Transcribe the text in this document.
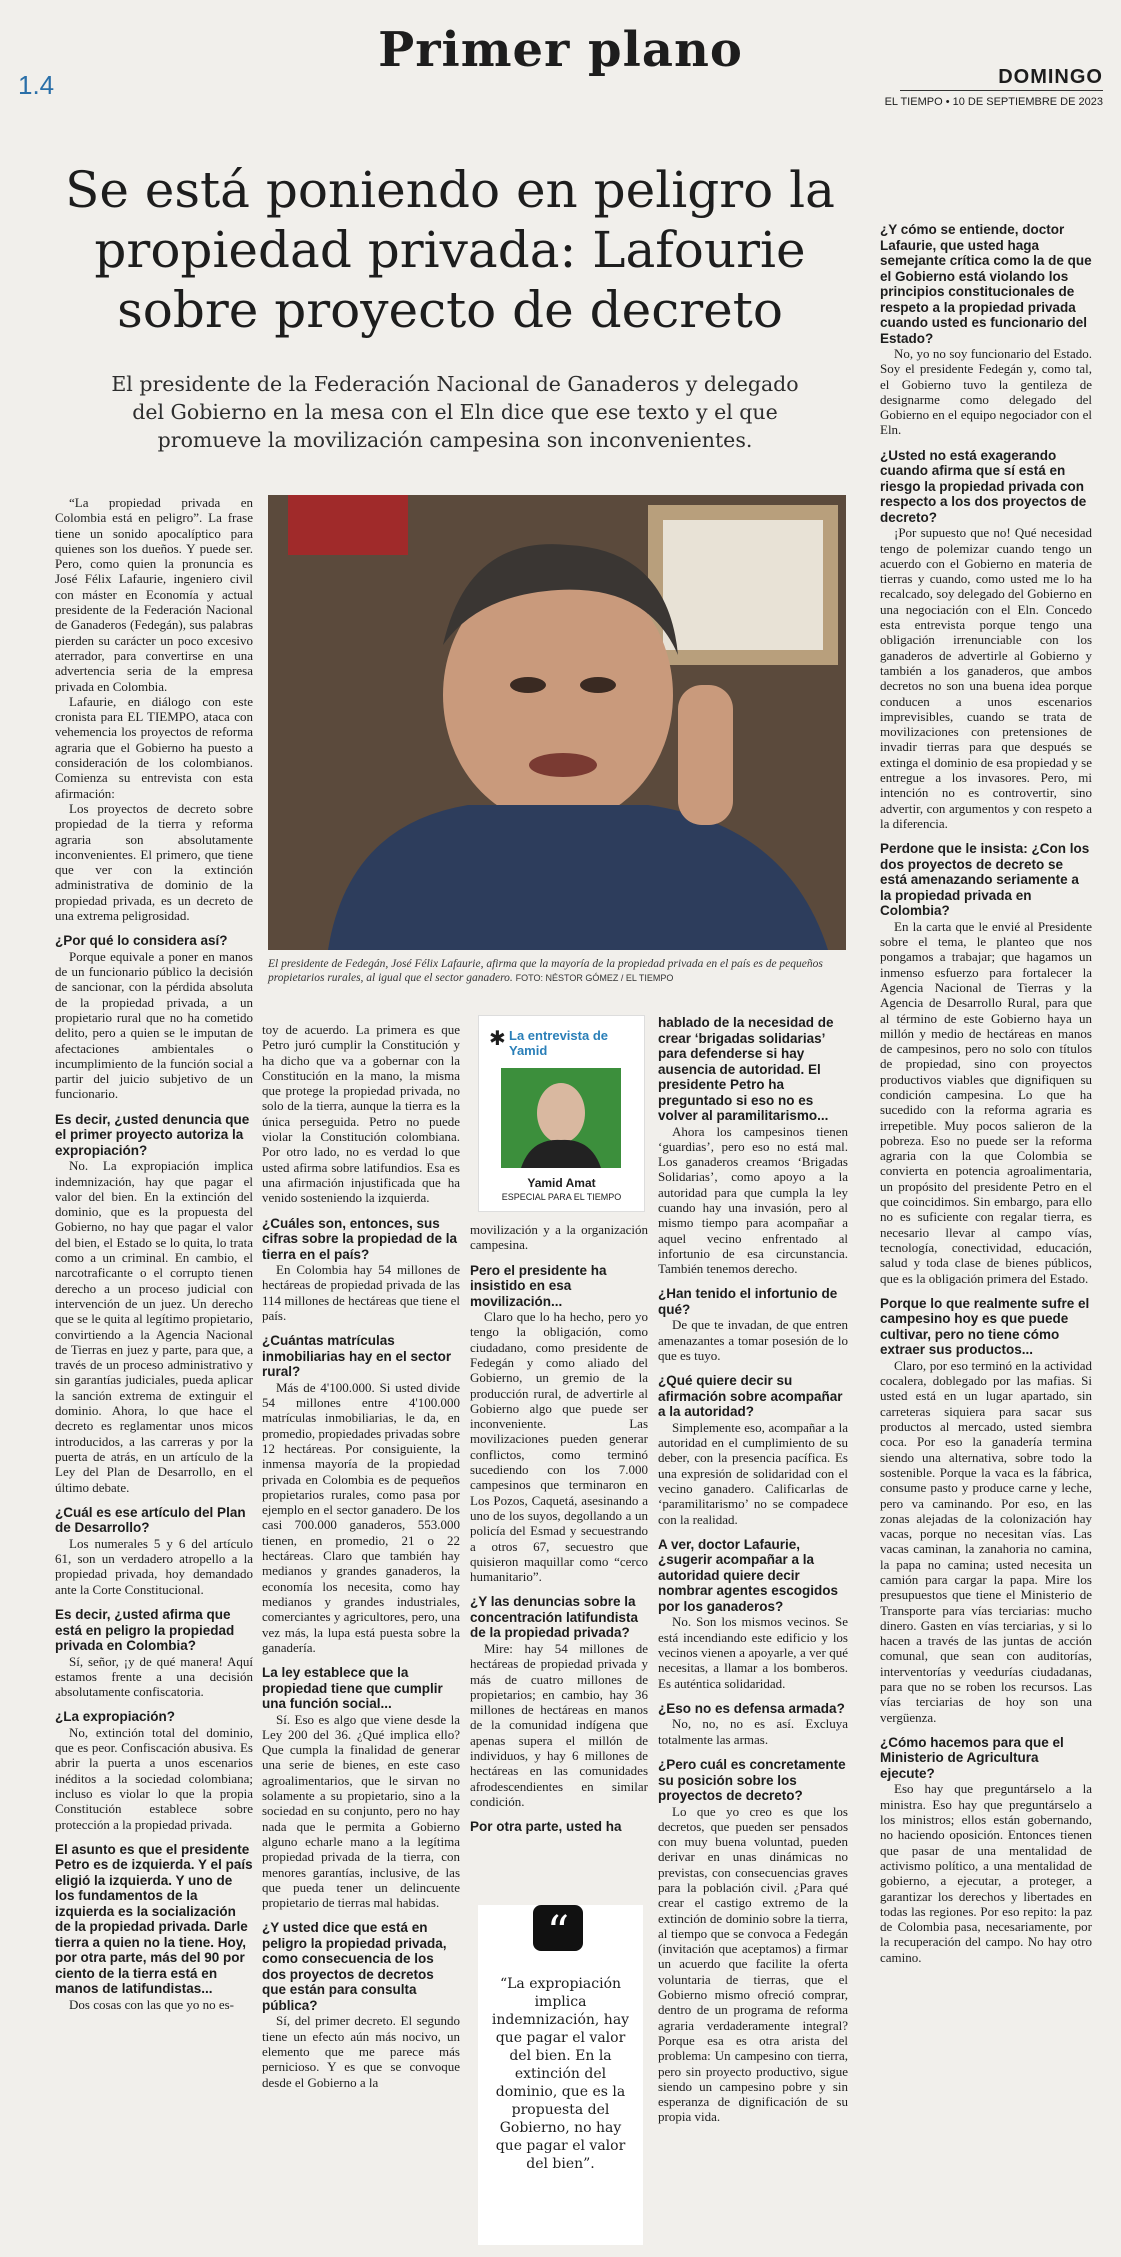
1.4
Primer plano	DOMINGO
EL TIEMPO • 10 DE SEPTIEMBRE DE 2023
Se está poniendo en peligro la propiedad privada: Lafourie sobre proyecto de decreto
El presidente de la Federación Nacional de Ganaderos y delegado del Gobierno en la mesa con el Eln dice que ese texto y el que promueve la movilización campesina son inconvenientes.

“La propiedad privada en Colombia está en peligro”. La frase tiene un sonido apocalíptico para quienes son los dueños. Y puede ser. Pero, como quien la pronuncia es José Félix Lafaurie, ingeniero civil con máster en Economía y actual presidente de la Federación Nacional de Ganaderos (Fedegán), sus palabras pierden su carácter un poco excesivo aterrador, para convertirse en una advertencia seria de la empresa privada en Colombia.

Lafaurie, en diálogo con este cronista para EL TIEMPO, ataca con vehemencia los proyectos de reforma agraria que el Gobierno ha puesto a consideración de los colombianos. Comienza su entrevista con esta afirmación:

Los proyectos de decreto sobre propiedad de la tierra y reforma agraria son absolutamente inconvenientes. El primero, que tiene que ver con la extinción administrativa de dominio de la propiedad privada, es un decreto de una extrema peligrosidad.

¿Por qué lo considera así?

Porque equivale a poner en manos de un funcionario público la decisión de sancionar, con la pérdida absoluta de la propiedad privada, a un propietario rural que no ha cometido delito, pero a quien se le imputan de afectaciones ambientales o incumplimiento de la función social a partir del juicio subjetivo de un funcionario.

Es decir, ¿usted denuncia que el primer proyecto autoriza la expropiación?

No. La expropiación implica indemnización, hay que pagar el valor del bien. En la extinción del dominio, que es la propuesta del Gobierno, no hay que pagar el valor del bien, el Estado se lo quita, lo trata como a un criminal. En cambio, el narcotraficante o el corrupto tienen derecho a un proceso judicial con intervención de un juez. Un derecho que se le quita al legítimo propietario, convirtiendo a la Agencia Nacional de Tierras en juez y parte, para que, a través de un proceso administrativo y sin garantías judiciales, pueda aplicar la sanción extrema de extinguir el dominio. Ahora, lo que hace el decreto es reglamentar unos micos introducidos, a las carreras y por la puerta de atrás, en un artículo de la Ley del Plan de Desarrollo, en el último debate.

¿Cuál es ese artículo del Plan de Desarrollo?

Los numerales 5 y 6 del artículo 61, son un verdadero atropello a la propiedad privada, hoy demandado ante la Corte Constitucional.

Es decir, ¿usted afirma que está en peligro la propiedad privada en Colombia?

Sí, señor, ¡y de qué manera! Aquí estamos frente a una decisión absolutamente confiscatoria.

¿La expropiación?

No, extinción total del dominio, que es peor. Confiscación abusiva. Es abrir la puerta a unos escenarios inéditos a la sociedad colombiana; incluso es violar lo que la propia Constitución establece sobre protección a la propiedad privada.

El asunto es que el presidente Petro es de izquierda. Y el país eligió la izquierda. Y uno de los fundamentos de la izquierda es la socialización de la propiedad privada. Darle tierra a quien no la tiene. Hoy, por otra parte, más del 90 por ciento de la tierra está en manos de latifundistas...

Dos cosas con las que yo no es-

El presidente de Fedegán, José Félix Lafaurie, afirma que la mayoría de la propiedad privada en el país es de pequeños propietarios rurales, al igual que el sector ganadero. FOTO: NÉSTOR GÓMEZ / EL TIEMPO

toy de acuerdo. La primera es que Petro juró cumplir la Constitución y ha dicho que va a gobernar con la Constitución en la mano, la misma que protege la propiedad privada, no solo de la tierra, aunque la tierra es la única perseguida. Petro no puede violar la Constitución colombiana. Por otro lado, no es verdad lo que usted afirma sobre latifundios. Esa es una afirmación injustificada que ha venido sosteniendo la izquierda.

¿Cuáles son, entonces, sus cifras sobre la propiedad de la tierra en el país?

En Colombia hay 54 millones de hectáreas de propiedad privada de las 114 millones de hectáreas que tiene el país.

¿Cuántas matrículas inmobiliarias hay en el sector rural?

Más de 4'100.000. Si usted divide 54 millones entre 4'100.000 matrículas inmobiliarias, le da, en promedio, propiedades privadas sobre 12 hectáreas. Por consiguiente, la inmensa mayoría de la propiedad privada en Colombia es de pequeños propietarios rurales, como pasa por ejemplo en el sector ganadero. De los casi 700.000 ganaderos, 553.000 tienen, en promedio, 21 o 22 hectáreas. Claro que también hay medianos y grandes ganaderos, la economía los necesita, como hay medianos y grandes industriales, comerciantes y agricultores, pero, una vez más, la lupa está puesta sobre la ganadería.

La ley establece que la propiedad tiene que cumplir una función social...

Sí. Eso es algo que viene desde la Ley 200 del 36. ¿Qué implica ello? Que cumpla la finalidad de generar una serie de bienes, en este caso agroalimentarios, que le sirvan no solamente a su propietario, sino a la sociedad en su conjunto, pero no hay nada que le permita a Gobierno alguno echarle mano a la legítima propiedad privada de la tierra, con menores garantías, inclusive, de las que pueda tener un delincuente propietario de tierras mal habidas.

¿Y usted dice que está en peligro la propiedad privada, como consecuencia de los dos proyectos de decretos que están para consulta pública?

Sí, del primer decreto. El segundo tiene un efecto aún más nocivo, un elemento que me parece más pernicioso. Y es que se convoque desde el Gobierno a la

✱ La entrevista de Yamid
Yamid Amat
ESPECIAL PARA EL TIEMPO

movilización y a la organización campesina.

Pero el presidente ha insistido en esa movilización...

Claro que lo ha hecho, pero yo tengo la obligación, como ciudadano, como presidente de Fedegán y como aliado del Gobierno, un gremio de la producción rural, de advertirle al Gobierno algo que puede ser inconveniente. Las movilizaciones pueden generar conflictos, como terminó sucediendo con los 7.000 campesinos que terminaron en Los Pozos, Caquetá, asesinando a uno de los suyos, degollando a un policía del Esmad y secuestrando a otros 67, secuestro que quisieron maquillar como “cerco humanitario”.

¿Y las denuncias sobre la concentración latifundista de la propiedad privada?

Mire: hay 54 millones de hectáreas de propiedad privada y más de cuatro millones de propietarios; en cambio, hay 36 millones de hectáreas en manos de la comunidad indígena que apenas supera el millón de individuos, y hay 6 millones de hectáreas en las comunidades afrodescendientes en similar condición.

Por otra parte, usted ha

“
“La expropiación implica indemnización, hay que pagar el valor del bien. En la extinción del dominio, que es la propuesta del Gobierno, no hay que pagar el valor del bien”.

hablado de la necesidad de crear ‘brigadas solidarias’ para defenderse si hay ausencia de autoridad. El presidente Petro ha preguntado si eso no es volver al paramilitarismo...

Ahora los campesinos tienen ‘guardias’, pero eso no está mal. Los ganaderos creamos ‘Brigadas Solidarias’, como apoyo a la autoridad para que cumpla la ley cuando hay una invasión, pero al mismo tiempo para acompañar a aquel vecino enfrentado al infortunio de esa circunstancia. También tenemos derecho.

¿Han tenido el infortunio de qué?

De que te invadan, de que entren amenazantes a tomar posesión de lo que es tuyo.

¿Qué quiere decir su afirmación sobre acompañar a la autoridad?

Simplemente eso, acompañar a la autoridad en el cumplimiento de su deber, con la presencia pacífica. Es una expresión de solidaridad con el vecino ganadero. Calificarlas de ‘paramilitarismo’ no se compadece con la realidad.

A ver, doctor Lafaurie, ¿sugerir acompañar a la autoridad quiere decir nombrar agentes escogidos por los ganaderos?

No. Son los mismos vecinos. Se está incendiando este edificio y los vecinos vienen a apoyarle, a ver qué necesitas, a llamar a los bomberos. Es auténtica solidaridad.

¿Eso no es defensa armada?

No, no, no es así. Excluya totalmente las armas.

¿Pero cuál es concretamente su posición sobre los proyectos de decreto?

Lo que yo creo es que los decretos, que pueden ser pensados con muy buena voluntad, pueden derivar en unas dinámicas no previstas, con consecuencias graves para la población civil. ¿Para qué crear el castigo extremo de la extinción de dominio sobre la tierra, al tiempo que se convoca a Fedegán (invitación que aceptamos) a firmar un acuerdo que facilite la oferta voluntaria de tierras, que el Gobierno mismo ofreció comprar, dentro de un programa de reforma agraria verdaderamente integral? Porque esa es otra arista del problema: Un campesino con tierra, pero sin proyecto productivo, sigue siendo un campesino pobre y sin esperanza de dignificación de su propia vida.

¿Y cómo se entiende, doctor Lafaurie, que usted haga semejante crítica como la de que el Gobierno está violando los principios constitucionales de respeto a la propiedad privada cuando usted es funcionario del Estado?

No, yo no soy funcionario del Estado. Soy el presidente Fedegán y, como tal, el Gobierno tuvo la gentileza de designarme como delegado del Gobierno en el equipo negociador con el Eln.

¿Usted no está exagerando cuando afirma que sí está en riesgo la propiedad privada con respecto a los dos proyectos de decreto?

¡Por supuesto que no! Qué necesidad tengo de polemizar cuando tengo un acuerdo con el Gobierno en materia de tierras y cuando, como usted me lo ha recalcado, soy delegado del Gobierno en una negociación con el Eln. Concedo esta entrevista porque tengo una obligación irrenunciable con los ganaderos de advertirle al Gobierno y también a los ganaderos, que ambos decretos no son una buena idea porque conducen a unos escenarios imprevisibles, cuando se trata de movilizaciones con pretensiones de invadir tierras para que después se extinga el dominio de esa propiedad y se entregue a los invasores. Pero, mi intención no es controvertir, sino advertir, con argumentos y con respeto a la diferencia.

Perdone que le insista: ¿Con los dos proyectos de decreto se está amenazando seriamente a la propiedad privada en Colombia?

En la carta que le envié al Presidente sobre el tema, le planteo que nos pongamos a trabajar; que hagamos un inmenso esfuerzo para fortalecer la Agencia Nacional de Tierras y la Agencia de Desarrollo Rural, para que al término de este Gobierno haya un millón y medio de hectáreas en manos de campesinos, pero no solo con títulos de propiedad, sino con proyectos productivos viables que dignifiquen su condición campesina. Lo que ha sucedido con la reforma agraria es irrepetible. Muy pocos salieron de la pobreza. Eso no puede ser la reforma agraria con la que Colombia se convierta en potencia agroalimentaria, un propósito del presidente Petro en el que coincidimos. Sin embargo, para ello no es suficiente con regalar tierra, es necesario llevar al campo vías, tecnología, conectividad, educación, salud y toda clase de bienes públicos, que es la obligación primera del Estado.

Porque lo que realmente sufre el campesino hoy es que puede cultivar, pero no tiene cómo extraer sus productos...

Claro, por eso terminó en la actividad cocalera, doblegado por las mafias. Si usted está en un lugar apartado, sin carreteras siquiera para sacar sus productos al mercado, usted siembra coca. Por eso la ganadería termina siendo una alternativa, sobre todo la sostenible. Porque la vaca es la fábrica, consume pasto y produce carne y leche, pero va caminando. Por eso, en las zonas alejadas de la colonización hay vacas, porque no necesitan vías. Las vacas caminan, la zanahoria no camina, la papa no camina; usted necesita un camión para cargar la papa. Mire los presupuestos que tiene el Ministerio de Transporte para vías terciarias: mucho dinero. Gasten en vías terciarias, y si lo hacen a través de las juntas de acción comunal, que sean con auditorías, interventorías y veedurías ciudadanas, para que no se roben los recursos. Las vías terciarias de hoy son una vergüenza.

¿Cómo hacemos para que el Ministerio de Agricultura ejecute?

Eso hay que preguntárselo a la ministra. Eso hay que preguntárselo a los ministros; ellos están gobernando, no haciendo oposición. Entonces tienen que pasar de una mentalidad de activismo político, a una mentalidad de gobierno, a ejecutar, a proteger, a garantizar los derechos y libertades en todas las regiones. Por eso repito: la paz de Colombia pasa, necesariamente, por la recuperación del campo. No hay otro camino.
